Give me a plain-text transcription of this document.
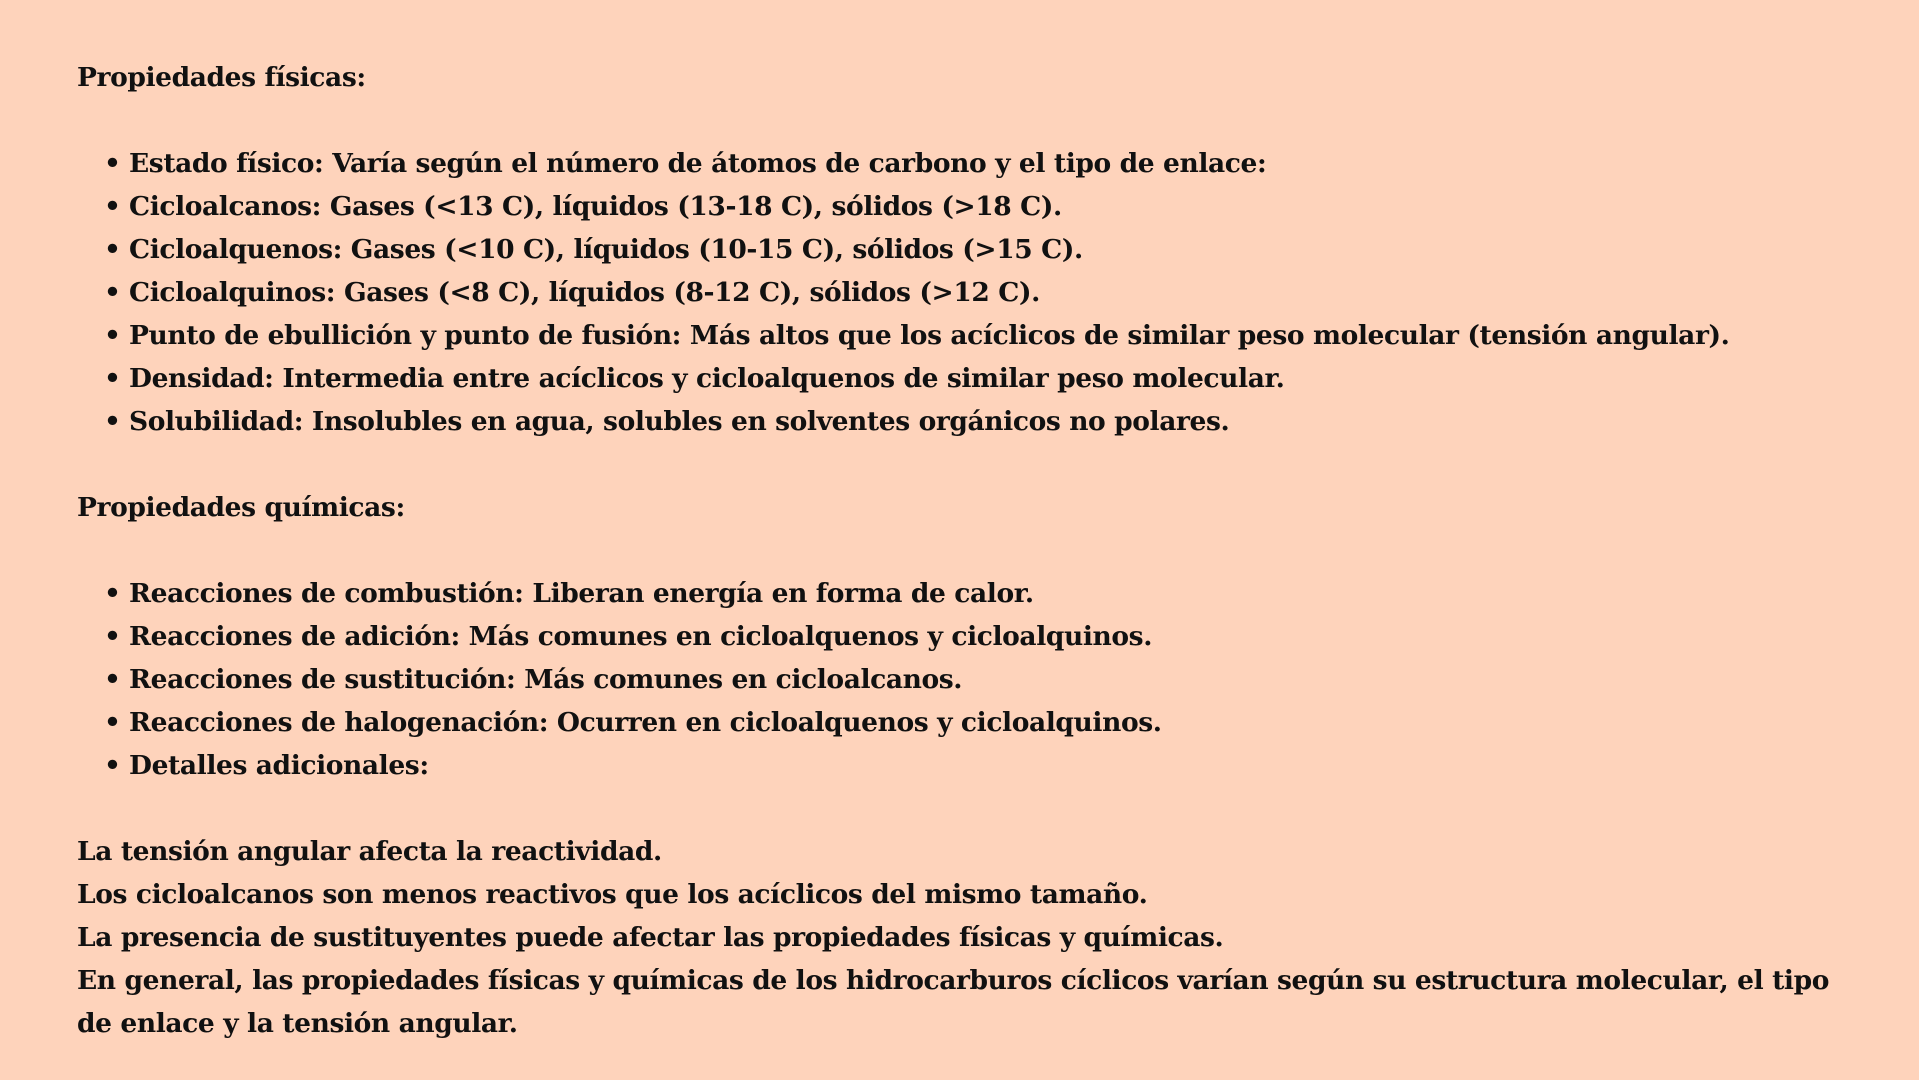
Propiedades físicas:
• Estado físico: Varía según el número de átomos de carbono y el tipo de enlace:
• Cicloalcanos: Gases (<13 C), líquidos (13-18 C), sólidos (>18 C).
• Cicloalquenos: Gases (<10 C), líquidos (10-15 C), sólidos (>15 C).
• Cicloalquinos: Gases (<8 C), líquidos (8-12 C), sólidos (>12 C).
• Punto de ebullición y punto de fusión: Más altos que los acíclicos de similar peso molecular (tensión angular).
• Densidad: Intermedia entre acíclicos y cicloalquenos de similar peso molecular.
• Solubilidad: Insolubles en agua, solubles en solventes orgánicos no polares.
Propiedades químicas:
• Reacciones de combustión: Liberan energía en forma de calor.
• Reacciones de adición: Más comunes en cicloalquenos y cicloalquinos.
• Reacciones de sustitución: Más comunes en cicloalcanos.
• Reacciones de halogenación: Ocurren en cicloalquenos y cicloalquinos.
• Detalles adicionales:

La tensión angular afecta la reactividad.

Los cicloalcanos son menos reactivos que los acíclicos del mismo tamaño.

La presencia de sustituyentes puede afectar las propiedades físicas y químicas.

En general, las propiedades físicas y químicas de los hidrocarburos cíclicos varían según su estructura molecular, el tipo de enlace y la tensión angular.
